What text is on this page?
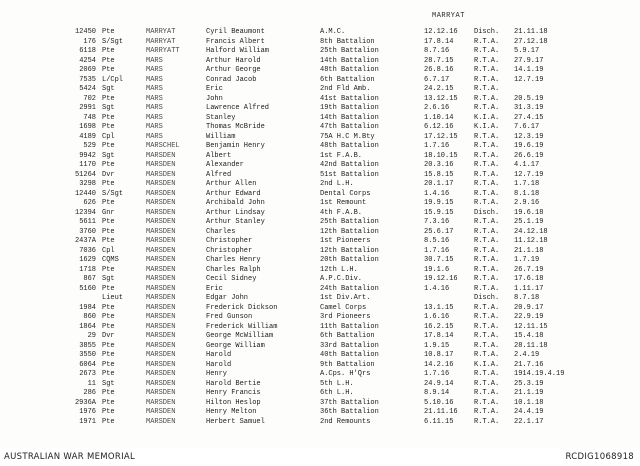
MARRYAT
12450 Pte	MARRYAT	Cyril Beaumont	A.M.C.	12.12.16 Disch. 21.11.18
176 S/Sgt	MARRYAT	Francis Albert	8th Battalion	17.8.14	R.T.A. 27.12.18
6118 Pte	MARRYATT	Halford William	25th Battalion	8.7.16	R.T.A. 5.9.17
4254 Pte	MARS	Arthur Harold	14th Battalion	28.7.15	R.T.A. 27.9.17
2069 Pte	MARS	Arthur George	48th Battalion	26.8.16	R.T.A. 14.1.19
7535 L/Cpl	MARS	Conrad Jacob	6th Battalion	6.7.17	R.T.A. 12.7.19
5424 Sgt	MARS	Eric	2nd Fld Amb.	24.2.15	R.T.A.
702 Pte	MARS	John	41st Battalion	13.12.15 R.T.A. 20.5.19
2991 Sgt	MARS	Lawrence Alfred	19th Battalion	2.6.16	R.T.A. 31.3.19
748 Pte	MARS	Stanley	14th Battalion	1.10.14	K.I.A. 27.4.15
1698 Pte	MARS	Thomas McBride	47th Battalion	6.12.16	K.I.A. 7.6.17
4189 Cpl	MARS	William	75A H.C M.Bty	17.12.15 R.T.A. 12.3.19
529 Pte	MARSCHEL	Benjamin Henry	48th Battalion	1.7.16	R.T.A. 19.6.19
9942 Sgt	MARSDEN	Albert	1st F.A.B.	18.10.15 R.T.A. 26.6.19
1170 Pte	MARSDEN	Alexander	42nd Battalion	20.3.16	R.T.A. 4.1.17
51264 Dvr	MARSDEN	Alfred	51st Battalion	15.8.15	R.T.A. 12.7.19
3298 Pte	MARSDEN	Arthur Allen	2nd L.H.	20.1.17	R.T.A. 1.7.18
12440 S/Sgt	MARSDEN	Arthur Edward	Dental Corps	1.4.16	R.T.A. 8.1.18
626 Pte	MARSDEN	Archibald John	1st Remount	19.9.15	R.T.A. 2.9.16
12394 Gnr	MARSDEN	Arthur Lindsay	4th F.A.B.	15.9.15	Disch. 19.6.18
5611 Pte	MARSDEN	Arthur Stanley	25th Battalion	7.3.16	R.T.A. 25.1.19
3760 Pte	MARSDEN	Charles	12th Battalion	25.6.17	R.T.A. 24.12.18
2437A Pte	MARSDEN	Christopher	1st Pioneers	8.5.16	R.T.A. 11.12.18
7036 Cpl	MARSDEN	Christopher	12th Battalion	1.7.16	R.T.A. 21.1.18
1629 CQMS	MARSDEN	Charles Henry	20th Battalion	30.7.15	R.T.A. 1.7.19
1718 Pte	MARSDEN	Charles Ralph	12th L.H.	19.1.6	R.T.A. 26.7.19
867 Sgt	MARSDEN	Cecil Sidney	A.P.C.Div.	19.12.16 R.T.A. 17.6.18
5160 Pte	MARSDEN	Eric	24th Battalion	1.4.16	R.T.A. 1.11.17
Lieut	MARSDEN	Edgar John	1st Div.Art.	Disch. 8.7.18
1984 Pte	MARSDEN	Frederick Dickson	Camel Corps	13.1.15	R.T.A. 20.9.17
860 Pte	MARSDEN	Fred Gunson	3rd Pioneers	1.6.16	R.T.A. 22.9.19
1864 Pte	MARSDEN	Frederick William	11th Battalion	16.2.15	R.T.A. 12.11.15
29 Dvr	MARSDEN	George McWilliam	6th Battalion	17.8.14	R.T.A. 15.4.18
3855 Pte	MARSDEN	George William	33rd Battalion	1.9.15	R.T.A. 28.11.18
3550 Pte	MARSDEN	Harold	40th Battalion	10.8.17	R.T.A. 2.4.19
6064 Pte	MARSDEN	Harold	9th Battalion	14.2.16	K.I.A. 21.7.16
2673 Pte	MARSDEN	Henry	A.Cps. H'Qrs	1.7.16	R.T.A. 1914.19.4.19
11 Sgt	MARSDEN	Harold Bertie	5th L.H.	24.9.14	R.T.A. 25.3.19
286 Pte	MARSDEN	Henry Francis	6th L.H.	8.9.14	R.T.A. 21.1.19
2936A Pte	MARSDEN	Hilton Heslop	37th Battalion	5.10.16	R.T.A. 10.1.18
1976 Pte	MARSDEN	Henry Melton	36th Battalion	21.11.16 R.T.A. 24.4.19
1971 Pte	MARSDEN	Herbert Samuel	2nd Remounts	6.11.15	R.T.A. 22.1.17
AUSTRALIAN WAR MEMORIAL	RCDIG1068918
